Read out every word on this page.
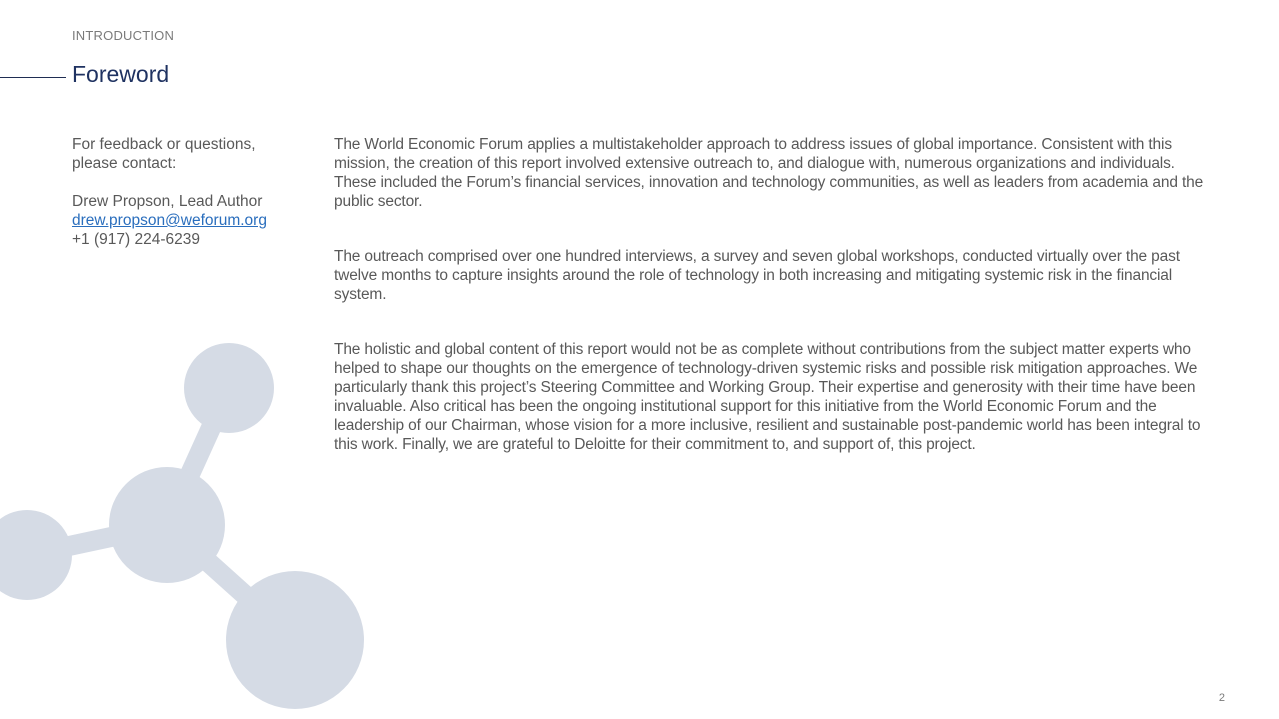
INTRODUCTION
Foreword
For feedback or questions, please contact:
Drew Propson, Lead Author
drew.propson@weforum.org
+1 (917) 224-6239

The World Economic Forum applies a multistakeholder approach to address issues of global importance. Consistent with this mission, the creation of this report involved extensive outreach to, and dialogue with, numerous organizations and individuals. These included the Forum’s financial services, innovation and technology communities, as well as leaders from academia and the public sector.

The outreach comprised over one hundred interviews, a survey and seven global workshops, conducted virtually over the past twelve months to capture insights around the role of technology in both increasing and mitigating systemic risk in the financial system.

The holistic and global content of this report would not be as complete without contributions from the subject matter experts who helped to shape our thoughts on the emergence of technology-driven systemic risks and possible risk mitigation approaches. We particularly thank this project’s Steering Committee and Working Group. Their expertise and generosity with their time have been invaluable. Also critical has been the ongoing institutional support for this initiative from the World Economic Forum and the leadership of our Chairman, whose vision for a more inclusive, resilient and sustainable post-pandemic world has been integral to this work. Finally, we are grateful to Deloitte for their commitment to, and support of, this project.

2
